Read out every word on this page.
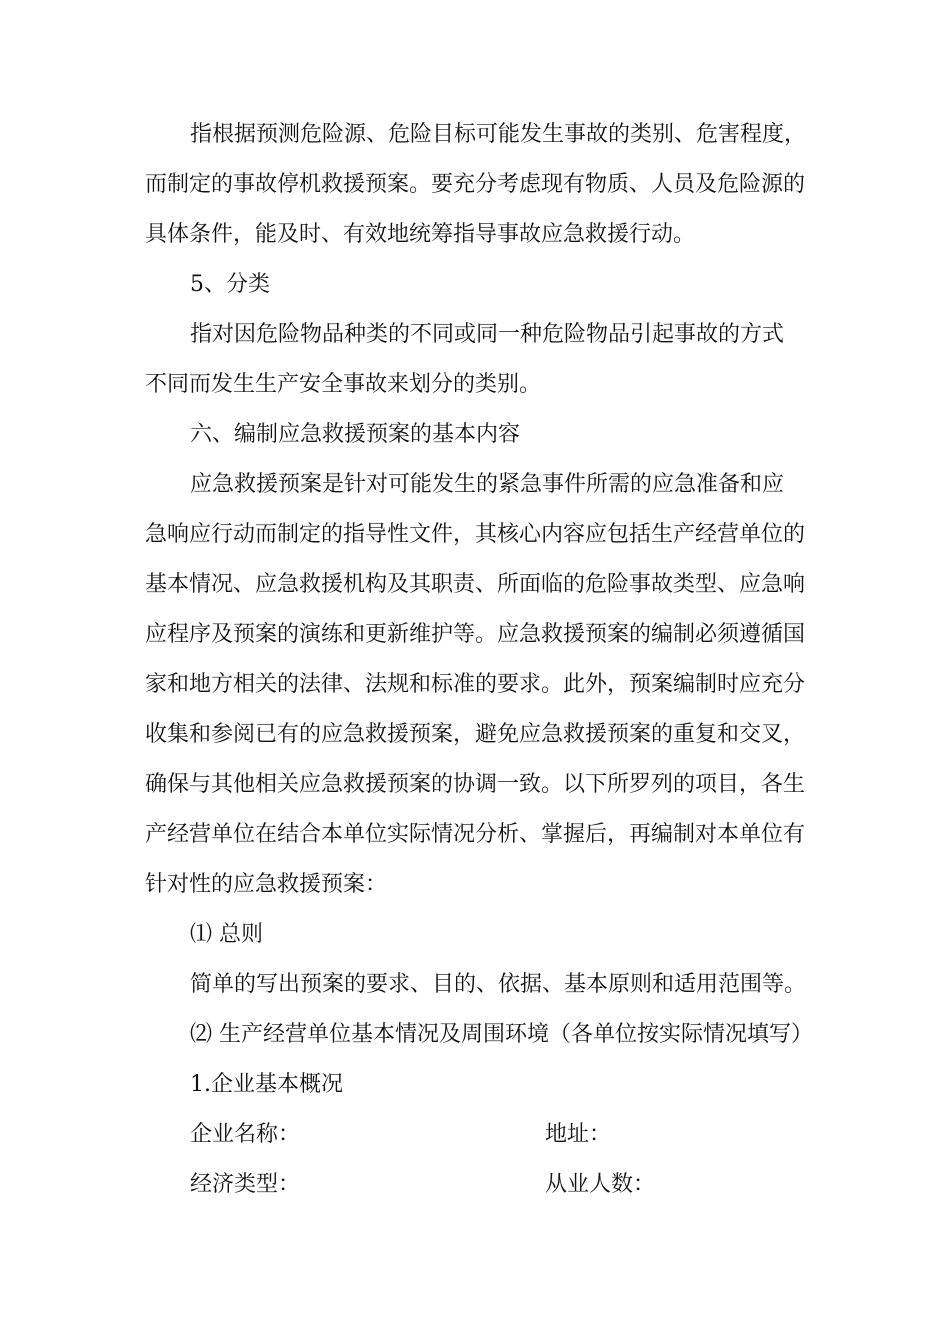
指根据预测危险源、危险目标可能发生事故的类别、危害程度，
而制定的事故停机救援预案。要充分考虑现有物质、人员及危险源的
具体条件，能及时、有效地统筹指导事故应急救援行动。
5、分类
指对因危险物品种类的不同或同一种危险物品引起事故的方式
不同而发生生产安全事故来划分的类别。
六、编制应急救援预案的基本内容
应急救援预案是针对可能发生的紧急事件所需的应急准备和应
急响应行动而制定的指导性文件，其核心内容应包括生产经营单位的
基本情况、应急救援机构及其职责、所面临的危险事故类型、应急响
应程序及预案的演练和更新维护等。应急救援预案的编制必须遵循国
家和地方相关的法律、法规和标准的要求。此外，预案编制时应充分
收集和参阅已有的应急救援预案，避免应急救援预案的重复和交叉，
确保与其他相关应急救援预案的协调一致。以下所罗列的项目，各生
产经营单位在结合本单位实际情况分析、掌握后，再编制对本单位有
针对性的应急救援预案：
⑴ 总则
简单的写出预案的要求、目的、依据、基本原则和适用范围等。
⑵ 生产经营单位基本情况及周围环境（各单位按实际情况填写）
1.企业基本概况
企业名称：	地址：
经济类型：	从业人数：
